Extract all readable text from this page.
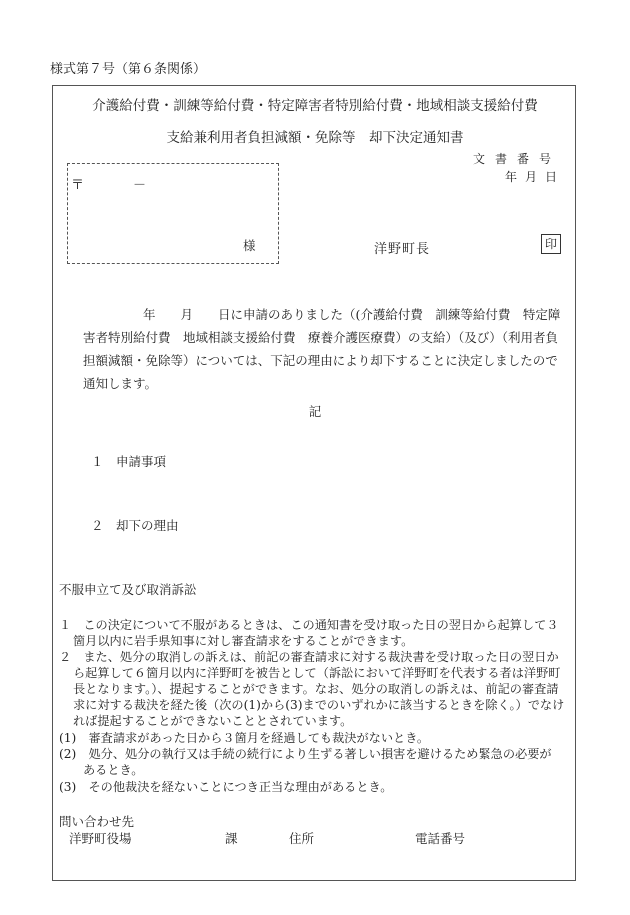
様式第７号（第６条関係）
介護給付費・訓練等給付費・特定障害者特別給付費・地域相談支援給付費
支給兼利用者負担減額・免除等　却下決定通知書
文書番号
年月日
〒	－
様	洋野町長	印
年　　月　　日に申請のありました（(介護給付費　訓練等給付費　特定障
害者特別給付費　地域相談支援給付費　療養介護医療費）の支給）（及び）（利用者負
担額減額・免除等）については、下記の理由により却下することに決定しましたので
通知します。
記
１　申請事項
２　却下の理由
不服申立て及び取消訴訟
１　この決定について不服があるときは、この通知書を受け取った日の翌日から起算して３
箇月以内に岩手県知事に対し審査請求をすることができます。
２　また、処分の取消しの訴えは、前記の審査請求に対する裁決書を受け取った日の翌日か
ら起算して６箇月以内に洋野町を被告として（訴訟において洋野町を代表する者は洋野町
長となります。）、提起することができます。なお、処分の取消しの訴えは、前記の審査請
求に対する裁決を経た後（次の(1)から(3)までのいずれかに該当するときを除く。）でなけ
れば提起することができないこととされています。
(1)　審査請求があった日から３箇月を経過しても裁決がないとき。
(2)　処分、処分の執行又は手続の続行により生ずる著しい損害を避けるため緊急の必要が
あるとき。
(3)　その他裁決を経ないことにつき正当な理由があるとき。
問い合わせ先
洋野町役場	課	住所	電話番号
